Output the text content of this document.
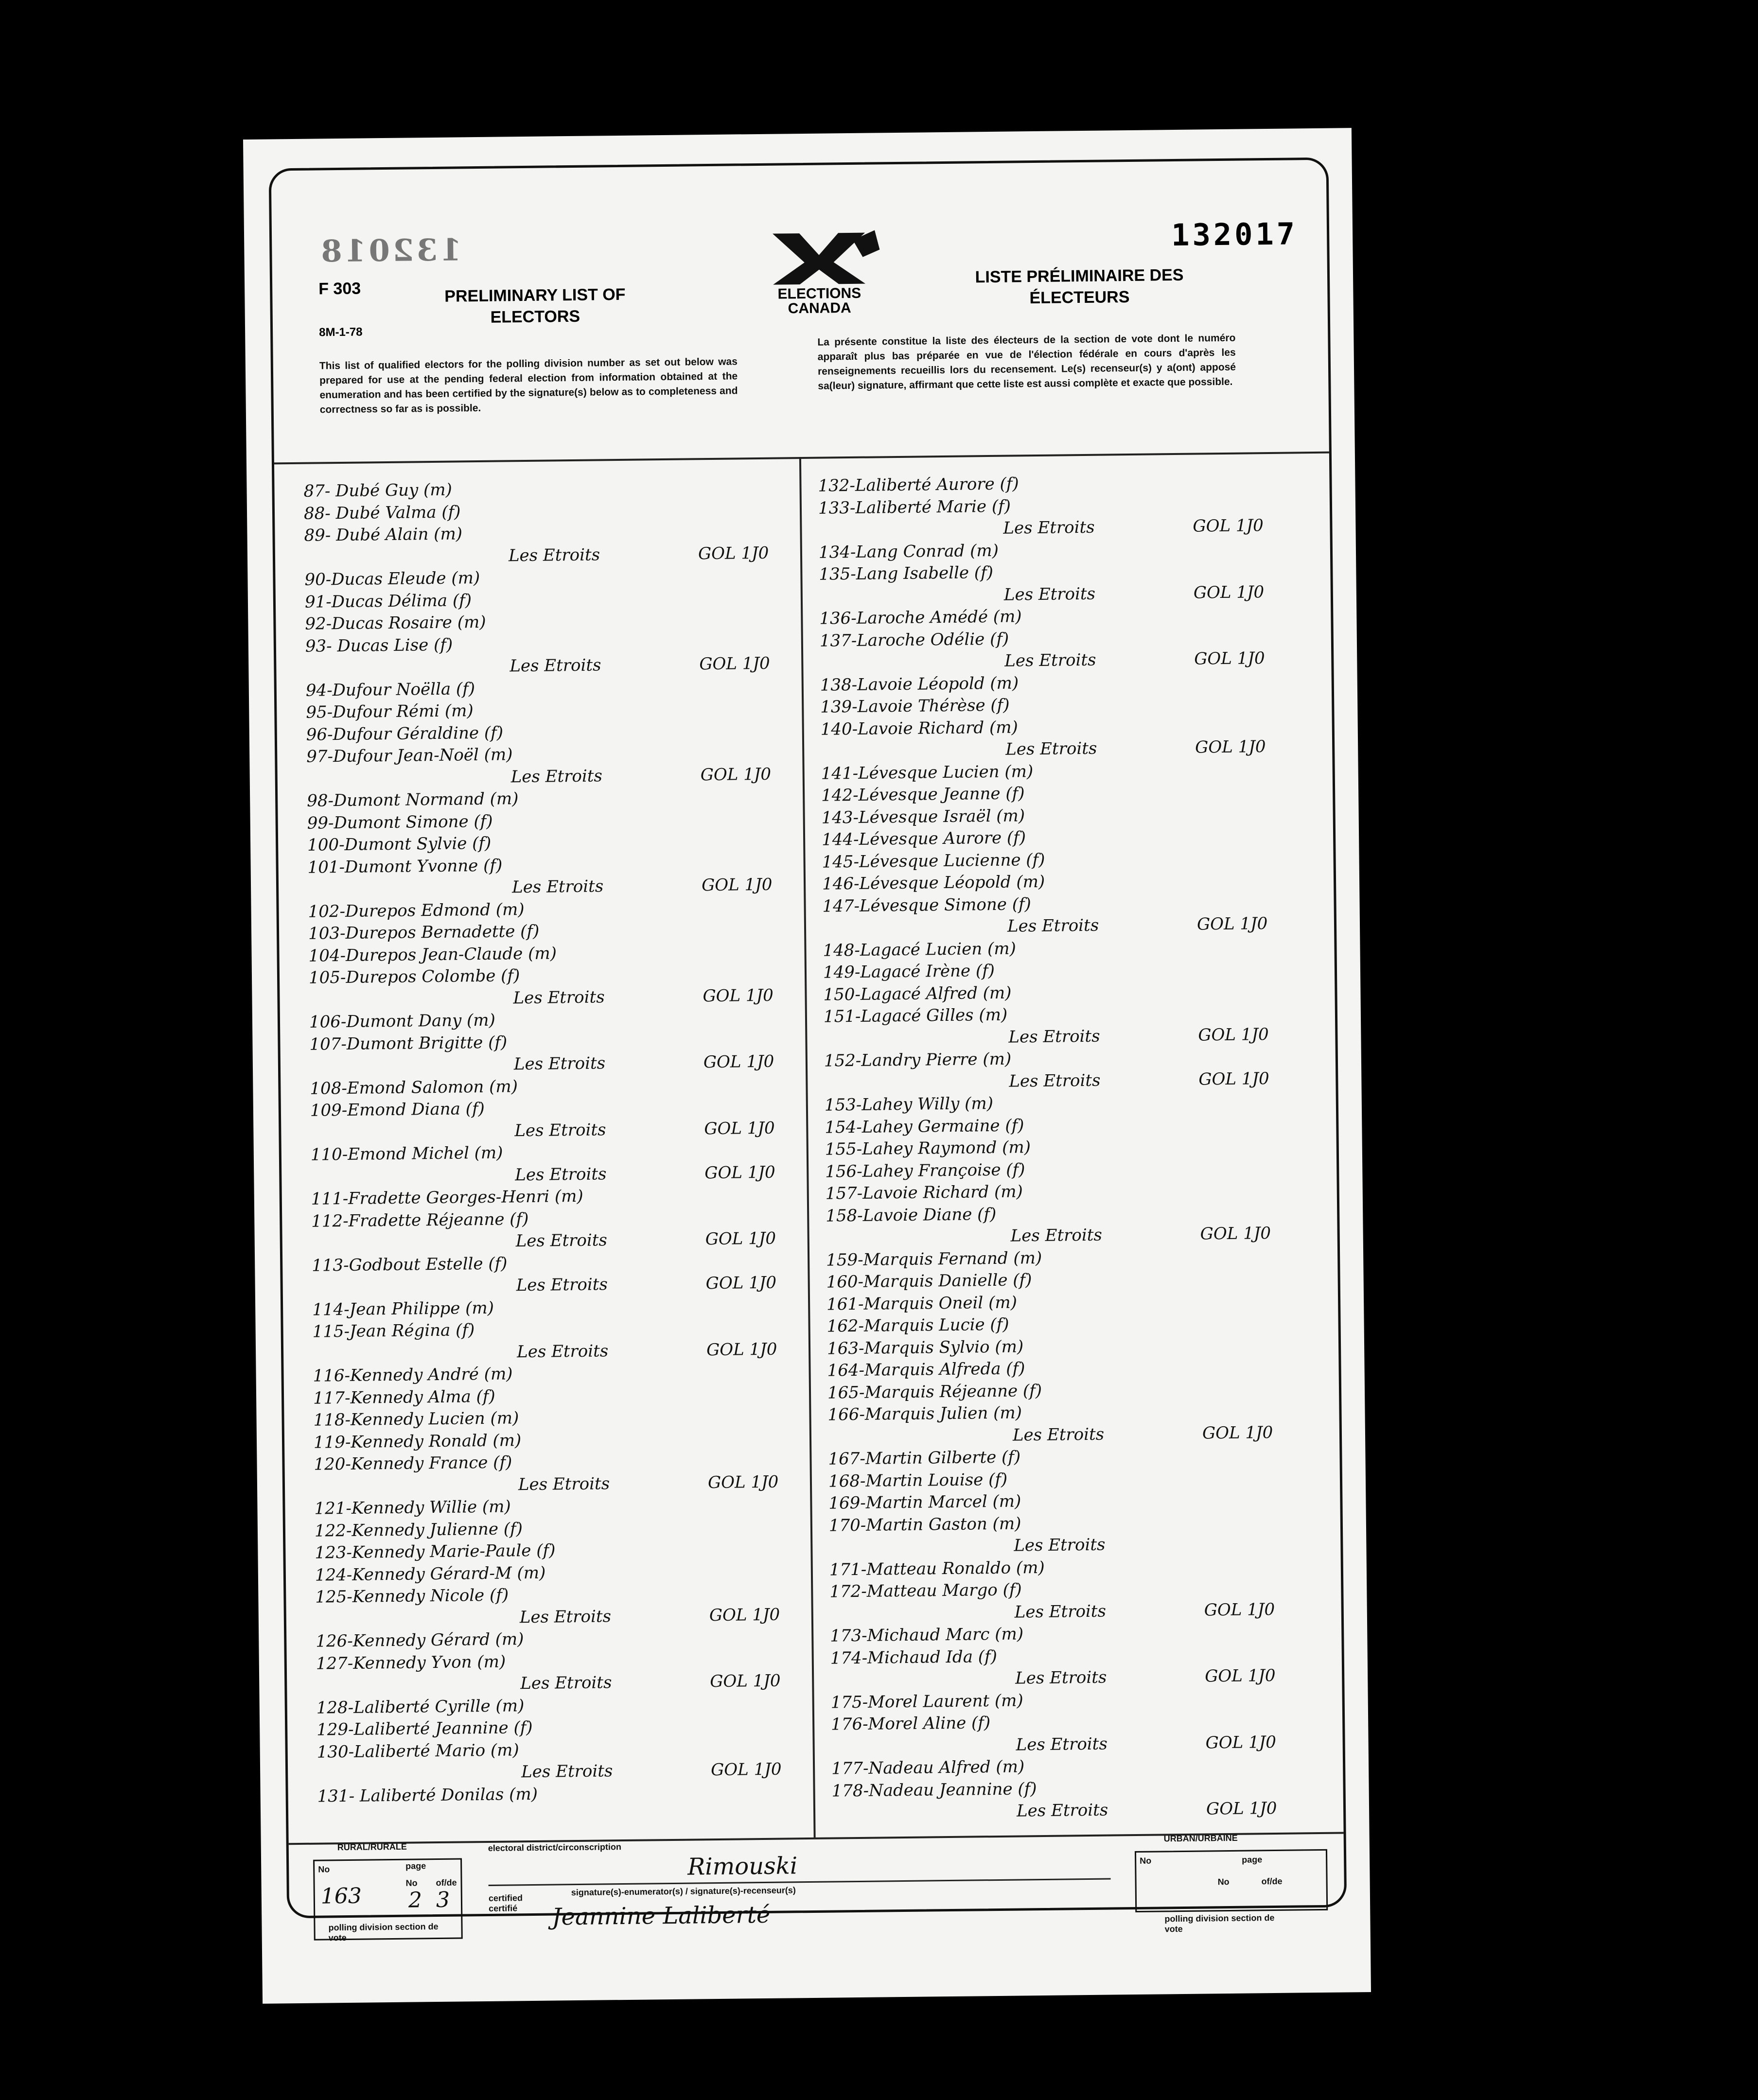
132018
F 303
8M-1-78
PRELIMINARY LIST OF
ELECTORS
ELECTIONS
CANADA
LISTE PRÉLIMINAIRE DES
ÉLECTEURS
132017
This list of qualified electors for the polling division number as set out below was prepared for use at the pending federal election from information obtained at the enumeration and has been certified by the signature(s) below as to completeness and correctness so far as is possible.
La présente constitue la liste des électeurs de la section de vote dont le numéro apparaît plus bas préparée en vue de l'élection fédérale en cours d'après les renseignements recueillis lors du recensement. Le(s) recenseur(s) y a(ont) apposé sa(leur) signature, affirmant que cette liste est aussi complète et exacte que possible.
87- Dubé Guy (m)
88- Dubé Valma (f)
89- Dubé Alain (m)
Les Etroits	GOL 1J0
90-Ducas Eleude (m)
91-Ducas Délima (f)
92-Ducas Rosaire (m)
93- Ducas Lise (f)
Les Etroits	GOL 1J0
94-Dufour Noëlla (f)
95-Dufour Rémi (m)
96-Dufour Géraldine (f)
97-Dufour Jean-Noël (m)
Les Etroits	GOL 1J0
98-Dumont Normand (m)
99-Dumont Simone (f)
100-Dumont Sylvie (f)
101-Dumont Yvonne (f)
Les Etroits	GOL 1J0
102-Durepos Edmond (m)
103-Durepos Bernadette (f)
104-Durepos Jean-Claude (m)
105-Durepos Colombe (f)
Les Etroits	GOL 1J0
106-Dumont Dany (m)
107-Dumont Brigitte (f)
Les Etroits	GOL 1J0
108-Emond Salomon (m)
109-Emond Diana (f)
Les Etroits	GOL 1J0
110-Emond Michel (m)
Les Etroits	GOL 1J0
111-Fradette Georges-Henri (m)
112-Fradette Réjeanne (f)
Les Etroits	GOL 1J0
113-Godbout Estelle (f)
Les Etroits	GOL 1J0
114-Jean Philippe (m)
115-Jean Régina (f)
Les Etroits	GOL 1J0
116-Kennedy André (m)
117-Kennedy Alma (f)
118-Kennedy Lucien (m)
119-Kennedy Ronald (m)
120-Kennedy France (f)
Les Etroits	GOL 1J0
121-Kennedy Willie (m)
122-Kennedy Julienne (f)
123-Kennedy Marie-Paule (f)
124-Kennedy Gérard-M (m)
125-Kennedy Nicole (f)
Les Etroits	GOL 1J0
126-Kennedy Gérard (m)
127-Kennedy Yvon (m)
Les Etroits	GOL 1J0
128-Laliberté Cyrille (m)
129-Laliberté Jeannine (f)
130-Laliberté Mario (m)
Les Etroits	GOL 1J0
131- Laliberté Donilas (m)
132-Laliberté Aurore (f)
133-Laliberté Marie (f)
Les Etroits	GOL 1J0
134-Lang Conrad (m)
135-Lang Isabelle (f)
Les Etroits	GOL 1J0
136-Laroche Amédé (m)
137-Laroche Odélie (f)
Les Etroits	GOL 1J0
138-Lavoie Léopold (m)
139-Lavoie Thérèse (f)
140-Lavoie Richard (m)
Les Etroits	GOL 1J0
141-Lévesque Lucien (m)
142-Lévesque Jeanne (f)
143-Lévesque Israël (m)
144-Lévesque Aurore (f)
145-Lévesque Lucienne (f)
146-Lévesque Léopold (m)
147-Lévesque Simone (f)
Les Etroits	GOL 1J0
148-Lagacé Lucien (m)
149-Lagacé Irène (f)
150-Lagacé Alfred (m)
151-Lagacé Gilles (m)
Les Etroits	GOL 1J0
152-Landry Pierre (m)
Les Etroits	GOL 1J0
153-Lahey Willy (m)
154-Lahey Germaine (f)
155-Lahey Raymond (m)
156-Lahey Françoise (f)
157-Lavoie Richard (m)
158-Lavoie Diane (f)
Les Etroits	GOL 1J0
159-Marquis Fernand (m)
160-Marquis Danielle (f)
161-Marquis Oneil (m)
162-Marquis Lucie (f)
163-Marquis Sylvio (m)
164-Marquis Alfreda (f)
165-Marquis Réjeanne (f)
166-Marquis Julien (m)
Les Etroits	GOL 1J0
167-Martin Gilberte (f)
168-Martin Louise (f)
169-Martin Marcel (m)
170-Martin Gaston (m)
Les Etroits
171-Matteau Ronaldo (m)
172-Matteau Margo (f)
Les Etroits	GOL 1J0
173-Michaud Marc (m)
174-Michaud Ida (f)
Les Etroits	GOL 1J0
175-Morel Laurent (m)
176-Morel Aline (f)
Les Etroits	GOL 1J0
177-Nadeau Alfred (m)
178-Nadeau Jeannine (f)
Les Etroits	GOL 1J0
RURAL/RURALE
No	page
No of/de
163 2 3
polling division section de vote
electoral district/circonscription
Rimouski
signature(s)-enumerator(s) / signature(s)-recenseur(s)
certified certifié	Jeannine Laliberté
URBAN/URBAINE
No	page
No	of/de
polling division section de vote
